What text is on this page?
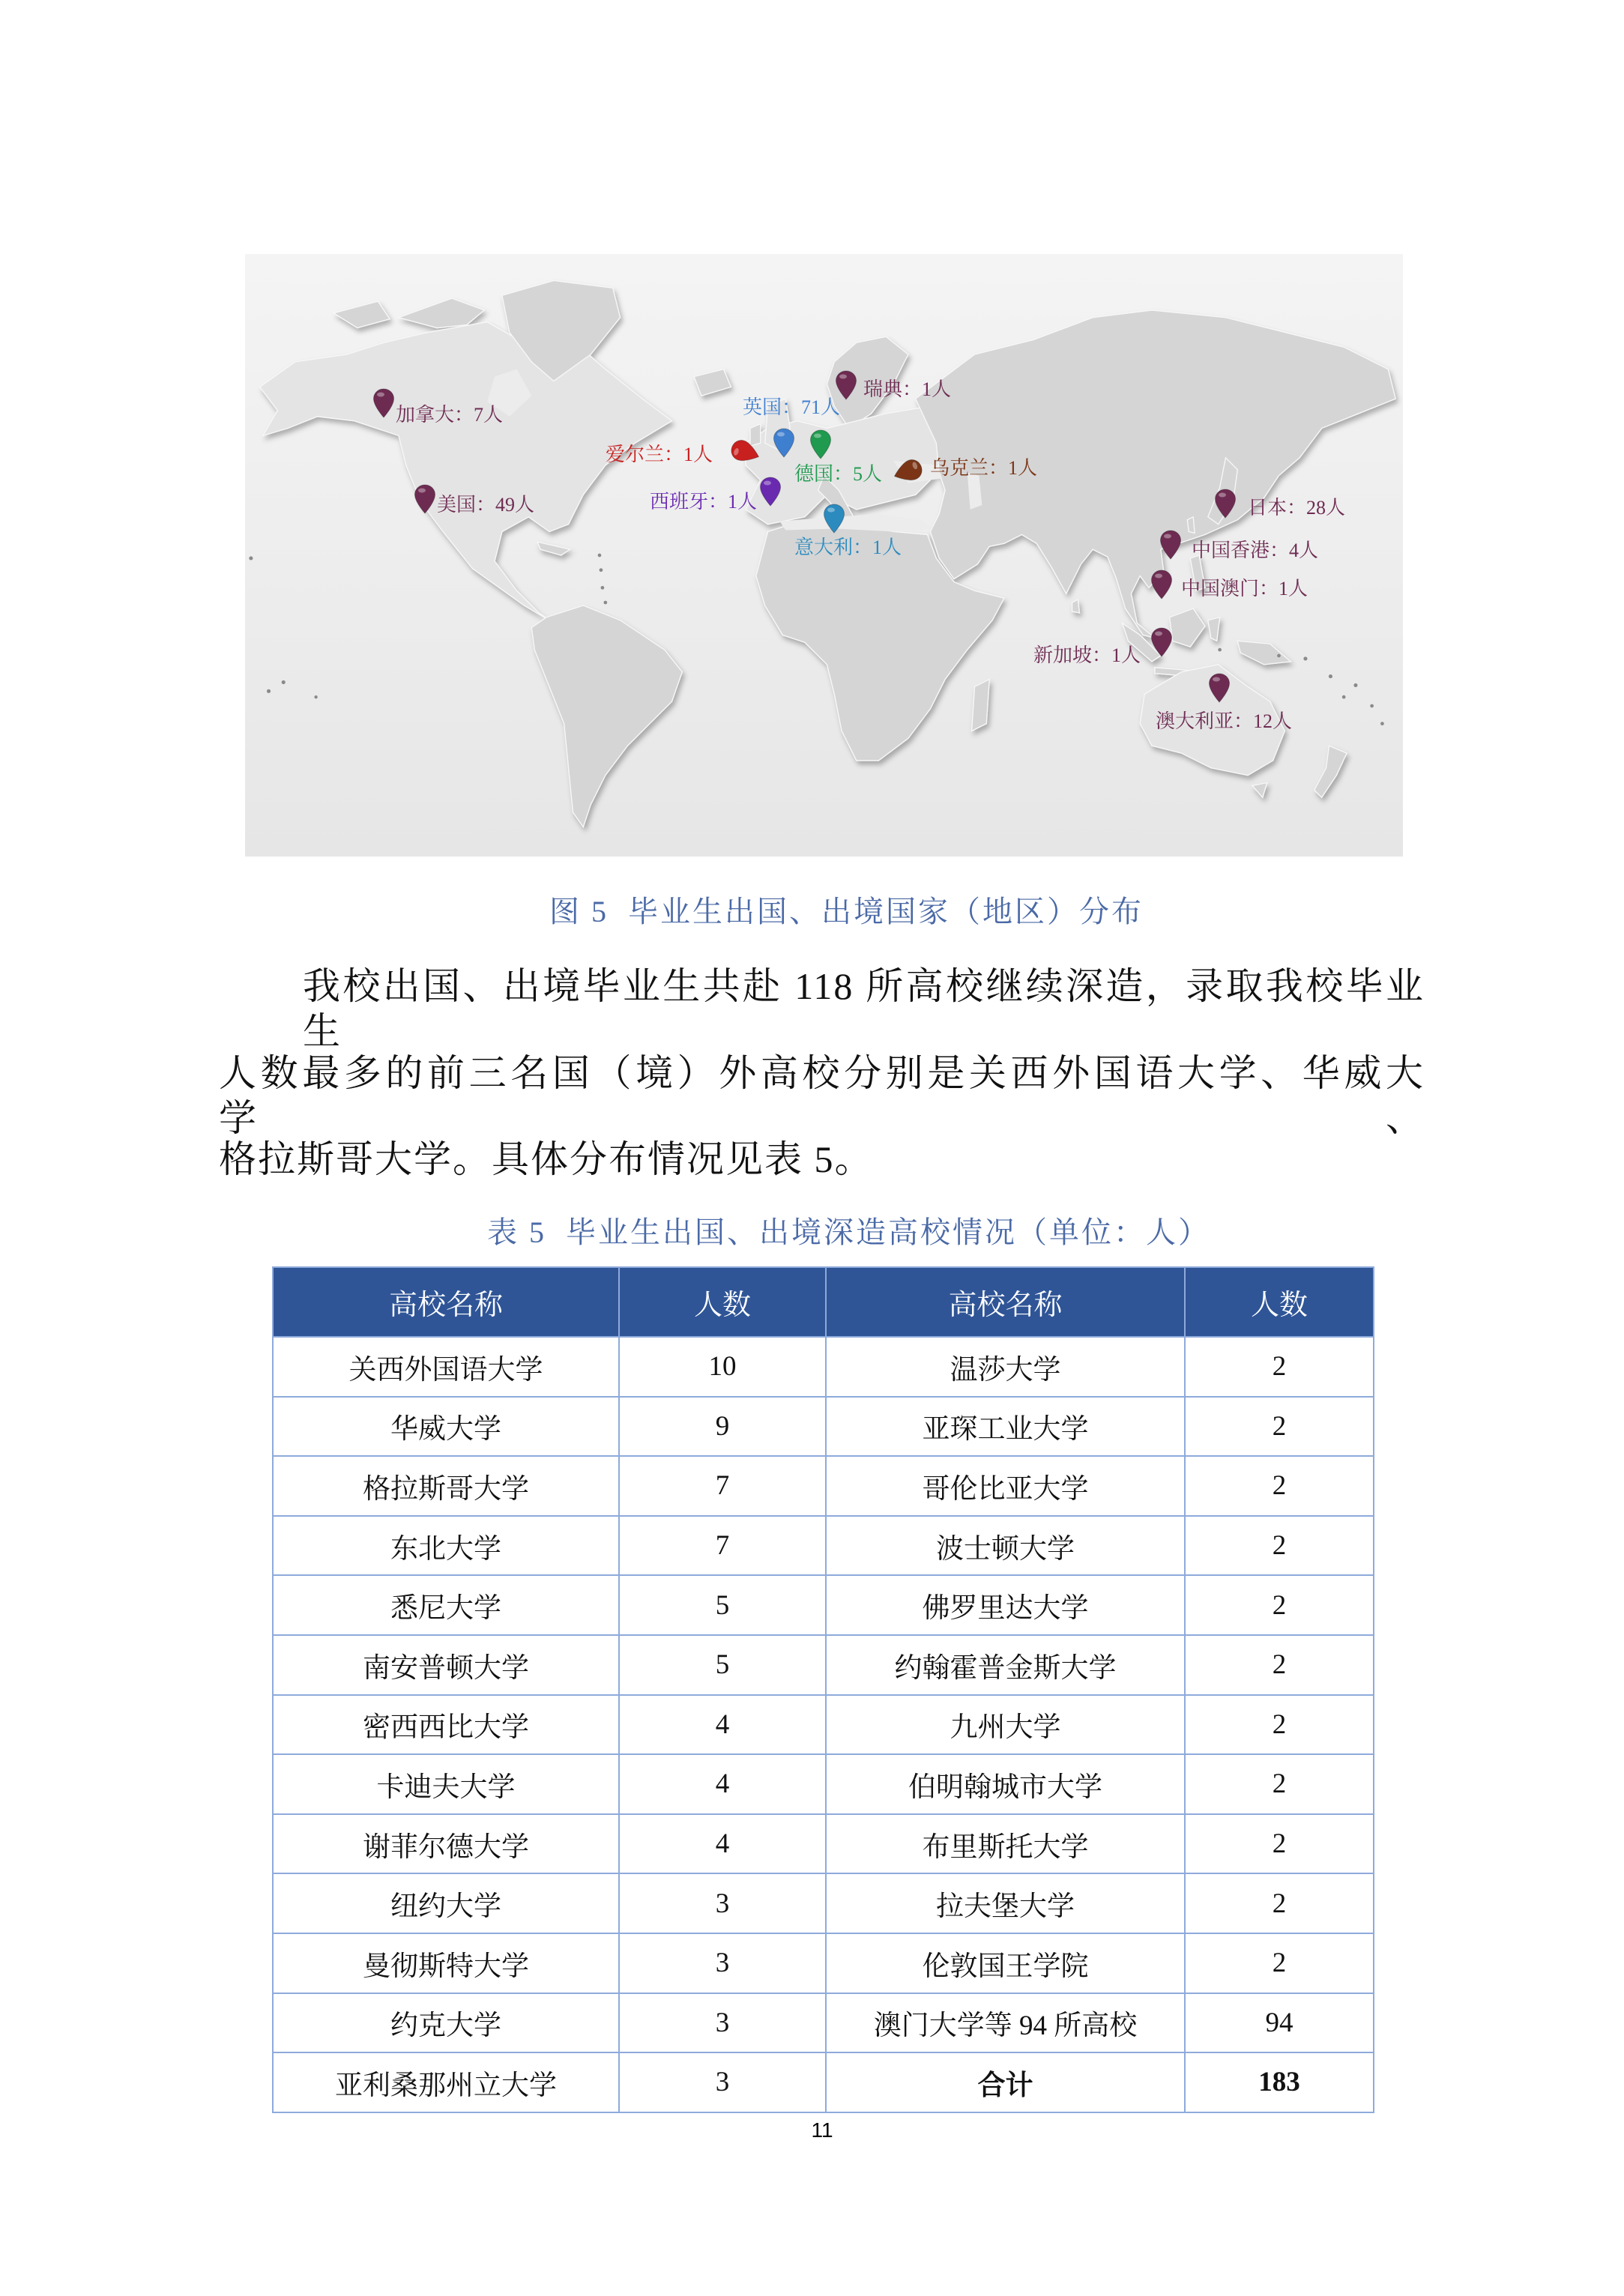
加拿大：7人	英国：71人
瑞典：1人
爱尔兰：1人
德国：5人 乌克兰：1人
西班牙：1人
美国：49人
意大利：1人
日本：28人
中国香港：4人
中国澳门：1人
新加坡：1人
澳大利亚：12人
图 5  毕业生出国、出境国家（地区）分布
我校出国、出境毕业生共赴 118 所高校继续深造，录取我校毕业生
人数最多的前三名国（境）外高校分别是关西外国语大学、华威大学、
格拉斯哥大学。具体分布情况见表 5。
表 5  毕业生出国、出境深造高校情况（单位：人）
高校名称	人数	高校名称	人数
关西外国语大学	10	温莎大学	2
华威大学	9	亚琛工业大学	2
格拉斯哥大学	7	哥伦比亚大学	2
东北大学	7	波士顿大学	2
悉尼大学	5	佛罗里达大学	2
南安普顿大学	5	约翰霍普金斯大学	2
密西西比大学	4	九州大学	2
卡迪夫大学	4	伯明翰城市大学	2
谢菲尔德大学	4	布里斯托大学	2
纽约大学	3	拉夫堡大学	2
曼彻斯特大学	3	伦敦国王学院	2
约克大学	3	澳门大学等 94 所高校	94
亚利桑那州立大学	3	合计	183
11
